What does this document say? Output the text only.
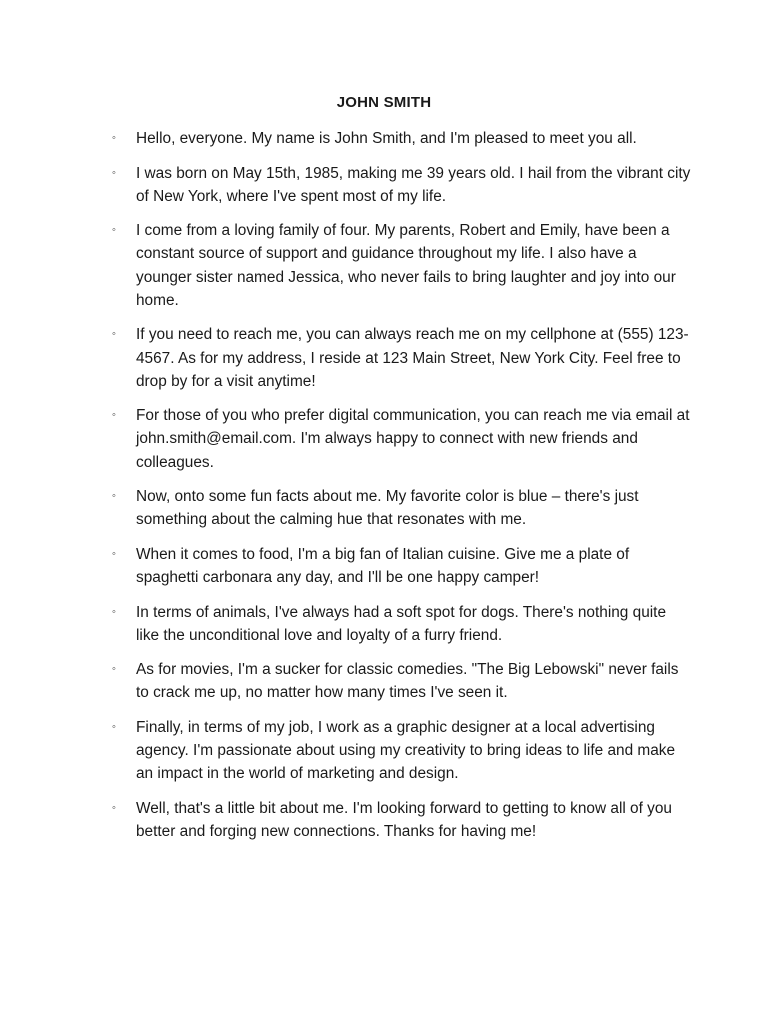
JOHN SMITH
◦	Hello, everyone. My name is John Smith, and I'm pleased to meet you all.
◦	I was born on May 15th, 1985, making me 39 years old. I hail from the vibrant city of New York, where I've spent most of my life.
◦	I come from a loving family of four. My parents, Robert and Emily, have been a constant source of support and guidance throughout my life. I also have a younger sister named Jessica, who never fails to bring laughter and joy into our home.
◦	If you need to reach me, you can always reach me on my cellphone at (555) 123-4567. As for my address, I reside at 123 Main Street, New York City. Feel free to drop by for a visit anytime!
◦	For those of you who prefer digital communication, you can reach me via email at john.smith@email.com. I'm always happy to connect with new friends and colleagues.
◦	Now, onto some fun facts about me. My favorite color is blue – there's just something about the calming hue that resonates with me.
◦	When it comes to food, I'm a big fan of Italian cuisine. Give me a plate of spaghetti carbonara any day, and I'll be one happy camper!
◦	In terms of animals, I've always had a soft spot for dogs. There's nothing quite like the unconditional love and loyalty of a furry friend.
◦	As for movies, I'm a sucker for classic comedies. "The Big Lebowski" never fails to crack me up, no matter how many times I've seen it.
◦	Finally, in terms of my job, I work as a graphic designer at a local advertising agency. I'm passionate about using my creativity to bring ideas to life and make an impact in the world of marketing and design.
◦	Well, that's a little bit about me. I'm looking forward to getting to know all of you better and forging new connections. Thanks for having me!
